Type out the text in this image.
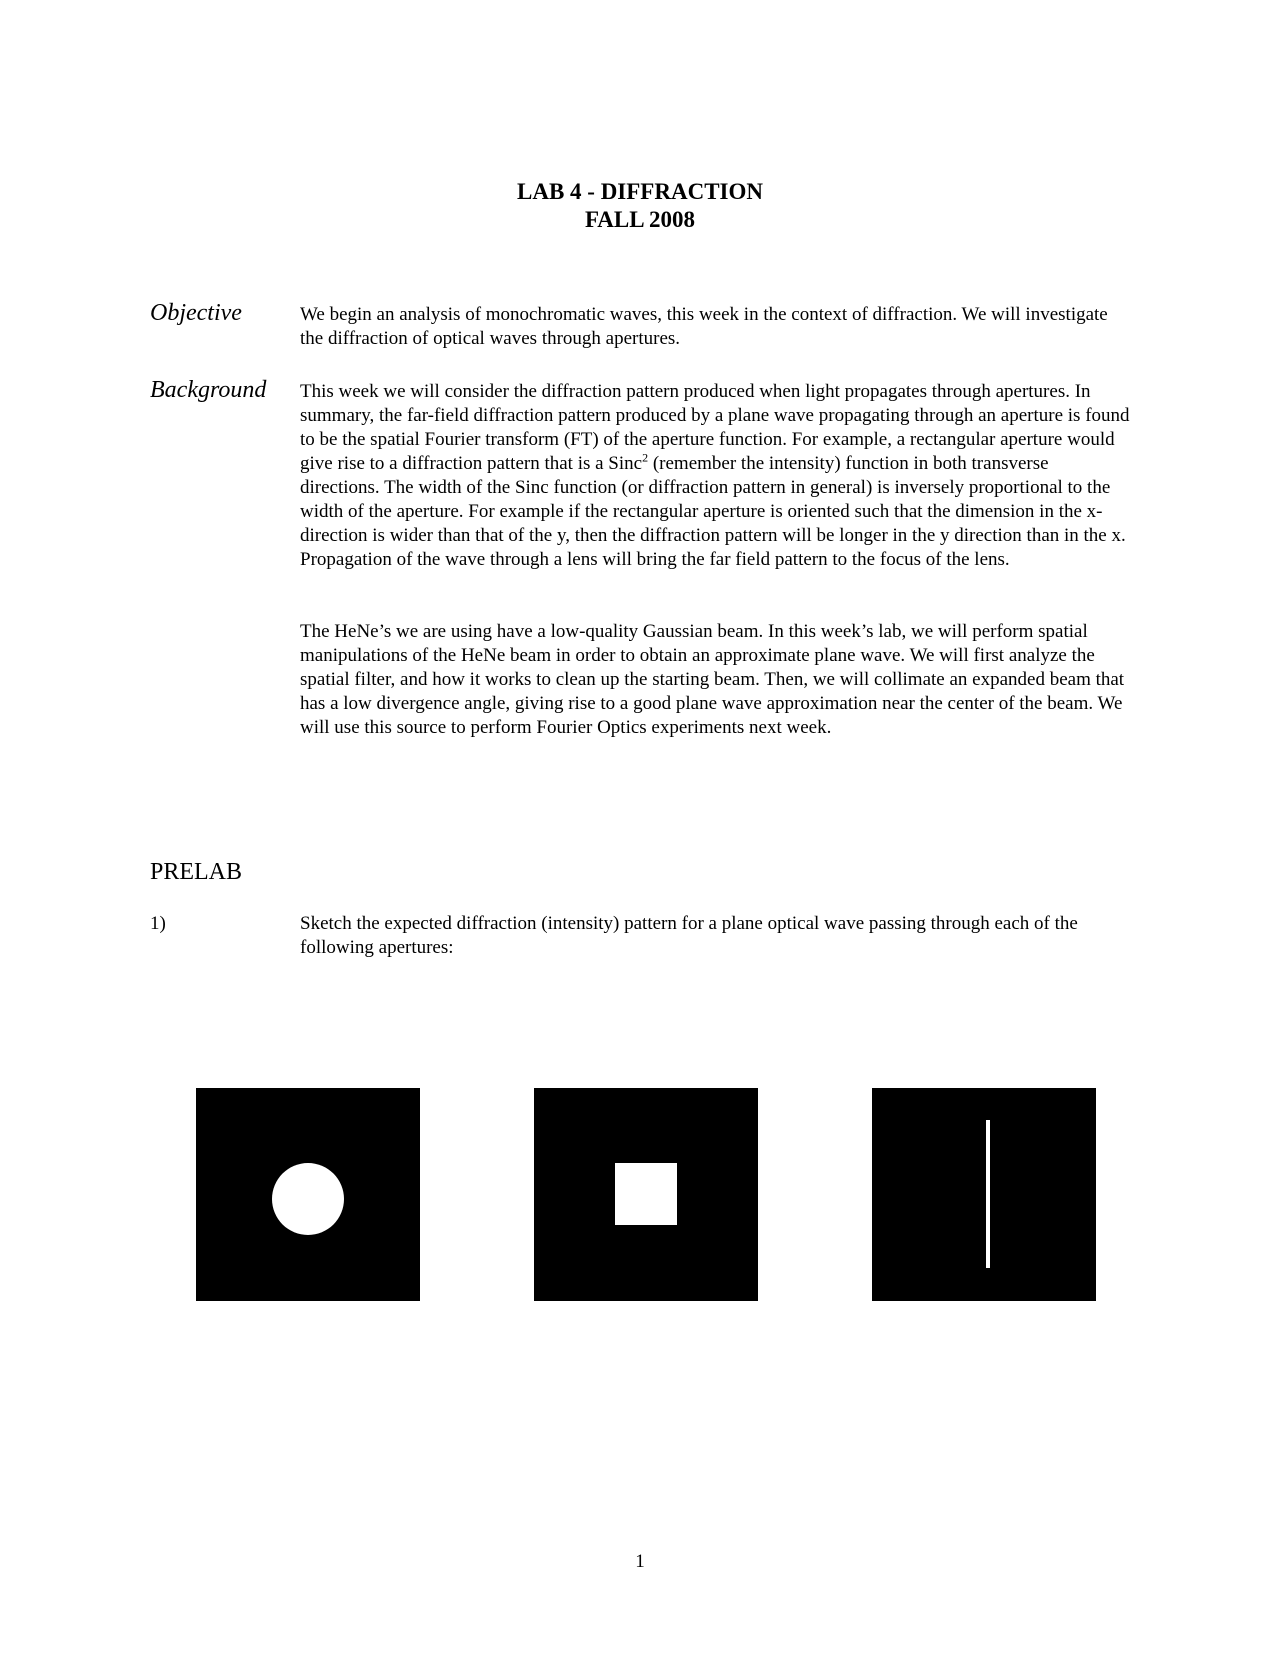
LAB 4 - DIFFRACTION
FALL 2008
Objective	We begin an analysis of monochromatic waves, this week in the context of diffraction. We will investigate the diffraction of optical waves through apertures.

Background This week we will consider the diffraction pattern produced when light propagates through apertures. In summary, the far-field diffraction pattern produced by a plane wave propagating through an aperture is found to be the spatial Fourier transform (FT) of the aperture function. For example, a rectangular aperture would give rise to a diffraction pattern that is a Sinc$^2$ (remember the intensity) function in both transverse directions. The width of the Sinc function (or diffraction pattern in general) is inversely proportional to the width of the aperture. For example if the rectangular aperture is oriented such that the dimension in the x-direction is wider than that of the y, then the diffraction pattern will be longer in the y direction than in the x. Propagation of the wave through a lens will bring the far field pattern to the focus of the lens.

The HeNe’s we are using have a low-quality Gaussian beam. In this week’s lab, we will perform spatial manipulations of the HeNe beam in order to obtain an approximate plane wave. We will first analyze the spatial filter, and how it works to clean up the starting beam. Then, we will collimate an expanded beam that has a low divergence angle, giving rise to a good plane wave approximation near the center of the beam. We will use this source to perform Fourier Optics experiments next week.

PRELAB
1)	Sketch the expected diffraction (intensity) pattern for a plane optical wave passing through each of the following apertures:

1
